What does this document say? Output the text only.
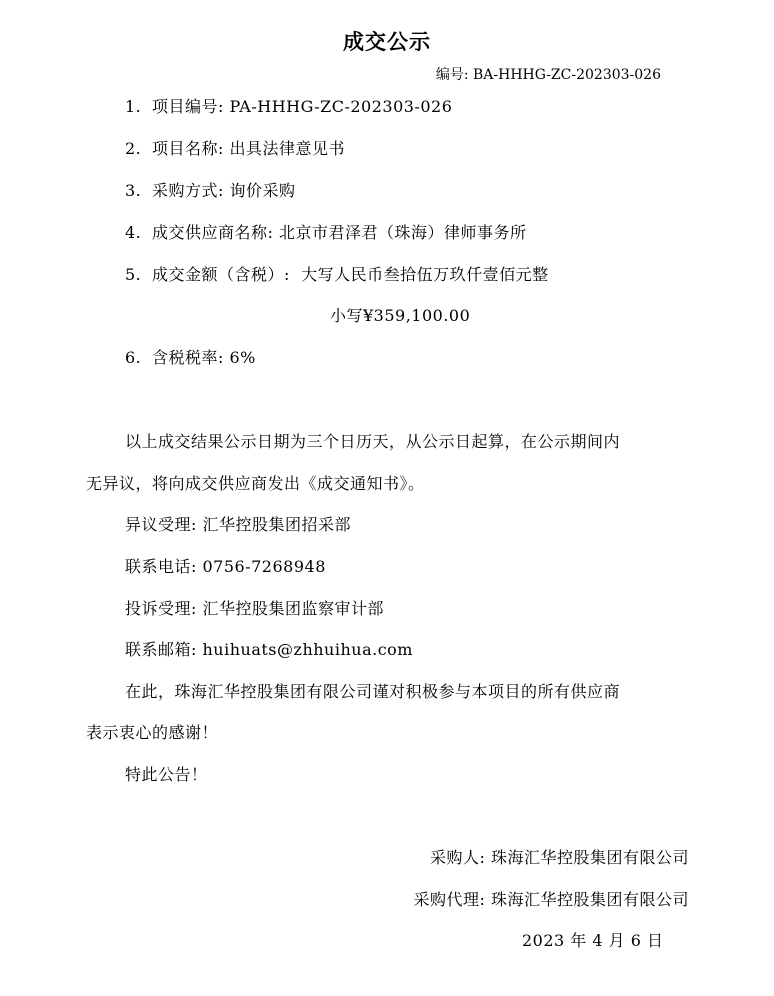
成交公示
编号: BA-HHHG-ZC-202303-026
1. 项目编号: PA-HHHG-ZC-202303-026
2. 项目名称: 出具法律意见书
3. 采购方式: 询价采购
4. 成交供应商名称: 北京市君泽君（珠海）律师事务所
5. 成交金额（含税）: 大写人民币叁拾伍万玖仟壹佰元整
小写¥359,100.00
6. 含税税率: 6%
以上成交结果公示日期为三个日历天，从公示日起算，在公示期间内
无异议，将向成交供应商发出《成交通知书》。
异议受理: 汇华控股集团招采部
联系电话: 0756-7268948
投诉受理: 汇华控股集团监察审计部
联系邮箱: huihuats@zhhuihua.com
在此，珠海汇华控股集团有限公司谨对积极参与本项目的所有供应商
表示衷心的感谢！
特此公告！
采购人: 珠海汇华控股集团有限公司
采购代理: 珠海汇华控股集团有限公司
2023 年 4 月 6 日
